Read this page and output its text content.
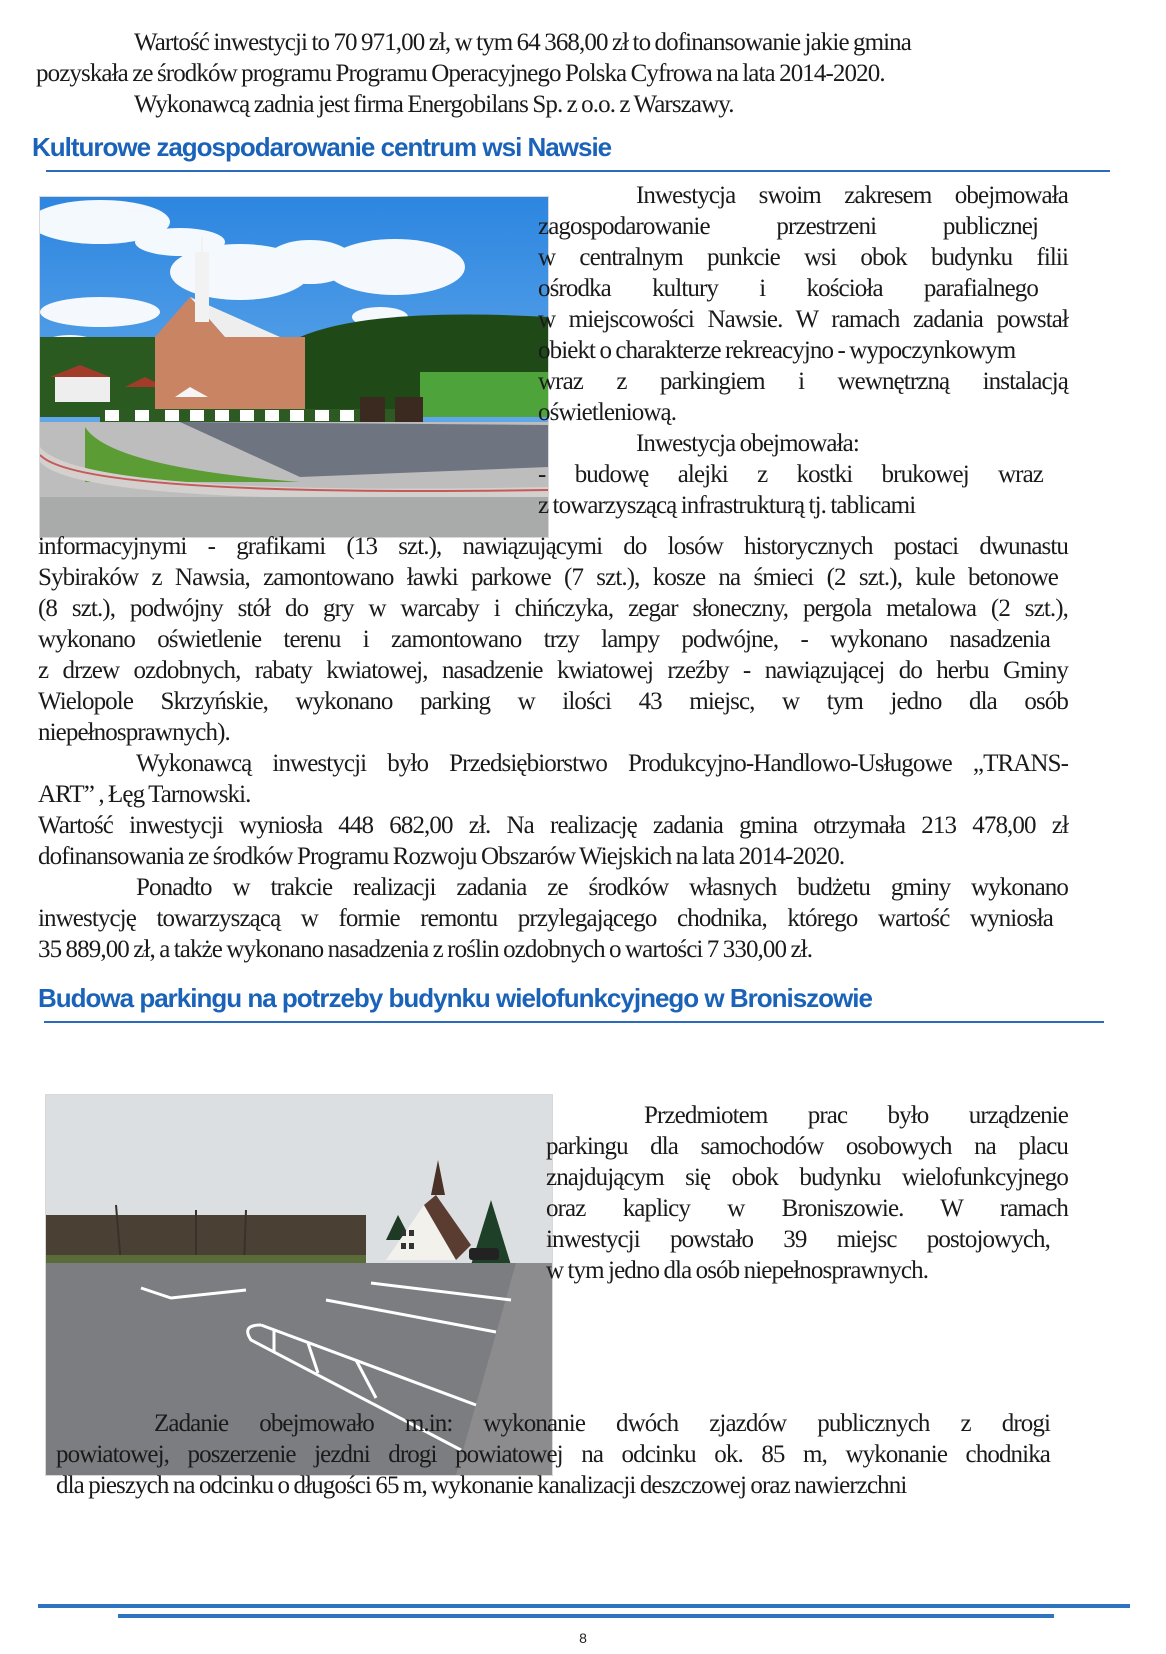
Wartość inwestycji to 70 971,00 zł, w tym 64 368,00 zł to dofinansowanie jakie gmina
pozyskała ze środków programu Programu Operacyjnego Polska Cyfrowa na lata 2014-2020.
Wykonawcą zadnia jest firma Energobilans Sp. z o.o. z Warszawy.
Kulturowe zagospodarowanie centrum wsi Nawsie
Inwestycja swoim zakresem obejmowała
zagospodarowanie przestrzeni publicznej
w centralnym punkcie wsi obok budynku filii
ośrodka kultury i kościoła parafialnego
w miejscowości Nawsie. W ramach zadania powstał
obiekt o charakterze rekreacyjno - wypoczynkowym
wraz z parkingiem i wewnętrzną instalacją
oświetleniową.
Inwestycja obejmowała:
- budowę alejki z kostki brukowej wraz
z towarzyszącą infrastrukturą tj. tablicami
informacyjnymi - grafikami (13 szt.), nawiązującymi do losów historycznych postaci dwunastu
Sybiraków z Nawsia, zamontowano ławki parkowe (7 szt.), kosze na śmieci (2 szt.), kule betonowe
(8 szt.), podwójny stół do gry w warcaby i chińczyka, zegar słoneczny, pergola metalowa (2 szt.),
wykonano oświetlenie terenu i zamontowano trzy lampy podwójne, - wykonano nasadzenia
z drzew ozdobnych, rabaty kwiatowej, nasadzenie kwiatowej rzeźby - nawiązującej do herbu Gminy
Wielopole Skrzyńskie, wykonano parking w ilości 43 miejsc, w tym jedno dla osób
niepełnosprawnych).
Wykonawcą inwestycji było Przedsiębiorstwo Produkcyjno-Handlowo-Usługowe „TRANS-
ART” , Łęg Tarnowski.
Wartość inwestycji wyniosła 448 682,00 zł. Na realizację zadania gmina otrzymała 213 478,00 zł
dofinansowania ze środków Programu Rozwoju Obszarów Wiejskich na lata 2014-2020.
Ponadto w trakcie realizacji zadania ze środków własnych budżetu gminy wykonano
inwestycję towarzyszącą w formie remontu przylegającego chodnika, którego wartość wyniosła
35 889,00 zł, a także wykonano nasadzenia z roślin ozdobnych o wartości 7 330,00 zł.
Budowa parkingu na potrzeby budynku wielofunkcyjnego w Broniszowie
Przedmiotem prac było urządzenie
parkingu dla samochodów osobowych na placu
znajdującym się obok budynku wielofunkcyjnego
oraz kaplicy w Broniszowie. W ramach
inwestycji powstało 39 miejsc postojowych,
w tym jedno dla osób niepełnosprawnych.
Zadanie obejmowało m.in: wykonanie dwóch zjazdów publicznych z drogi
powiatowej, poszerzenie jezdni drogi powiatowej na odcinku ok. 85 m, wykonanie chodnika
dla pieszych na odcinku o długości 65 m, wykonanie kanalizacji deszczowej oraz nawierzchni
8
